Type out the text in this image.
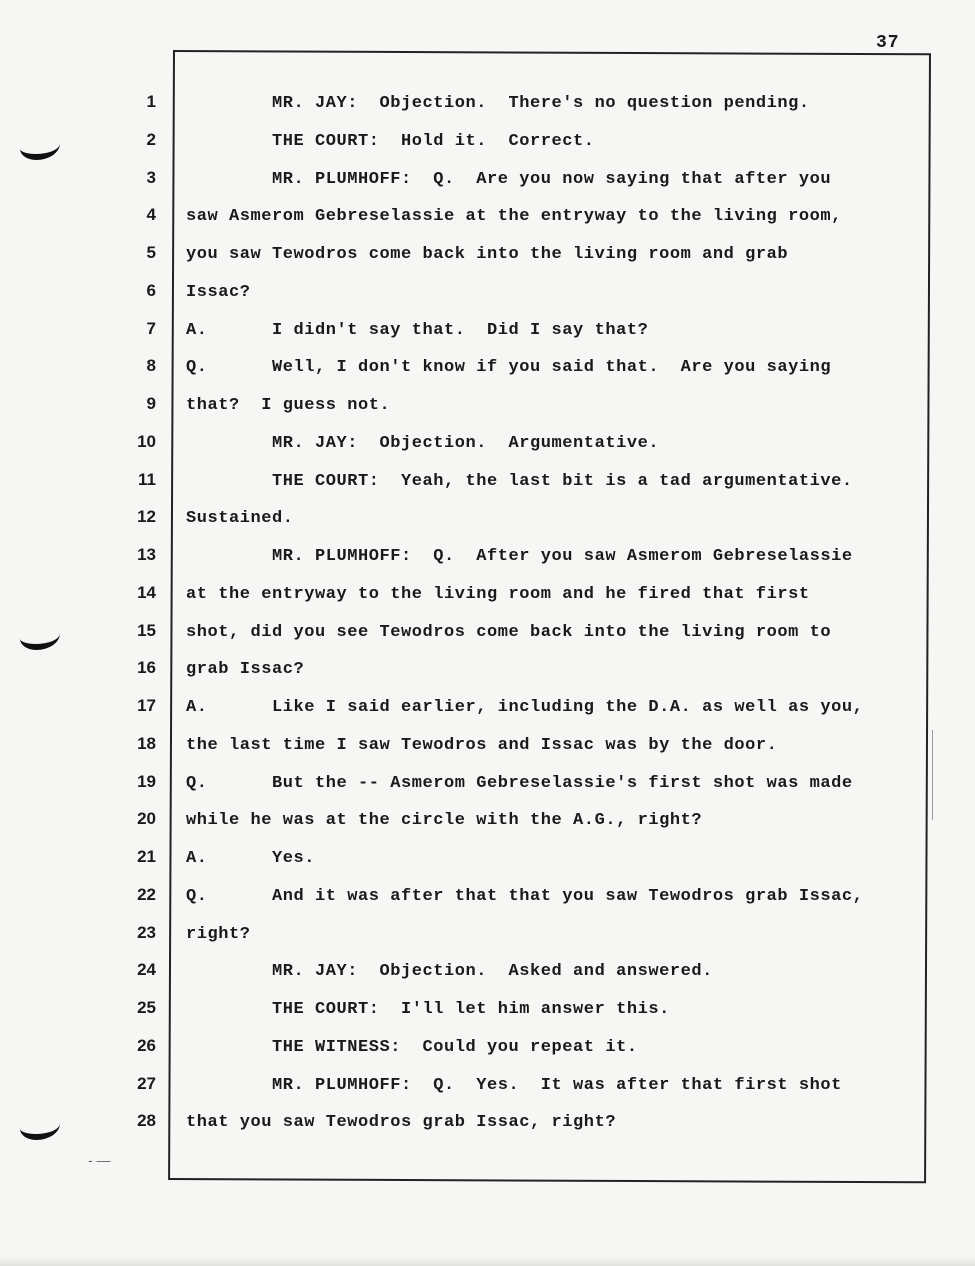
37
- —
1 MR. JAY:  Objection.  There's no question pending.
2 THE COURT:  Hold it.  Correct.
3 MR. PLUMHOFF:  Q.  Are you now saying that after you
4 saw Asmerom Gebreselassie at the entryway to the living room,
5 you saw Tewodros come back into the living room and grab
6 Issac?
7 A.      I didn't say that.  Did I say that?
8 Q.      Well, I don't know if you said that.  Are you saying
9 that?  I guess not.
10 MR. JAY:  Objection.  Argumentative.
11 THE COURT:  Yeah, the last bit is a tad argumentative.
12 Sustained.
13 MR. PLUMHOFF:  Q.  After you saw Asmerom Gebreselassie
14 at the entryway to the living room and he fired that first
15 shot, did you see Tewodros come back into the living room to
16 grab Issac?
17 A.      Like I said earlier, including the D.A. as well as you,
18 the last time I saw Tewodros and Issac was by the door.
19 Q.      But the -- Asmerom Gebreselassie's first shot was made
20 while he was at the circle with the A.G., right?
21 A.      Yes.
22 Q.      And it was after that that you saw Tewodros grab Issac,
23 right?
24 MR. JAY:  Objection.  Asked and answered.
25 THE COURT:  I'll let him answer this.
26 THE WITNESS:  Could you repeat it.
27 MR. PLUMHOFF:  Q.  Yes.  It was after that first shot
28 that you saw Tewodros grab Issac, right?
